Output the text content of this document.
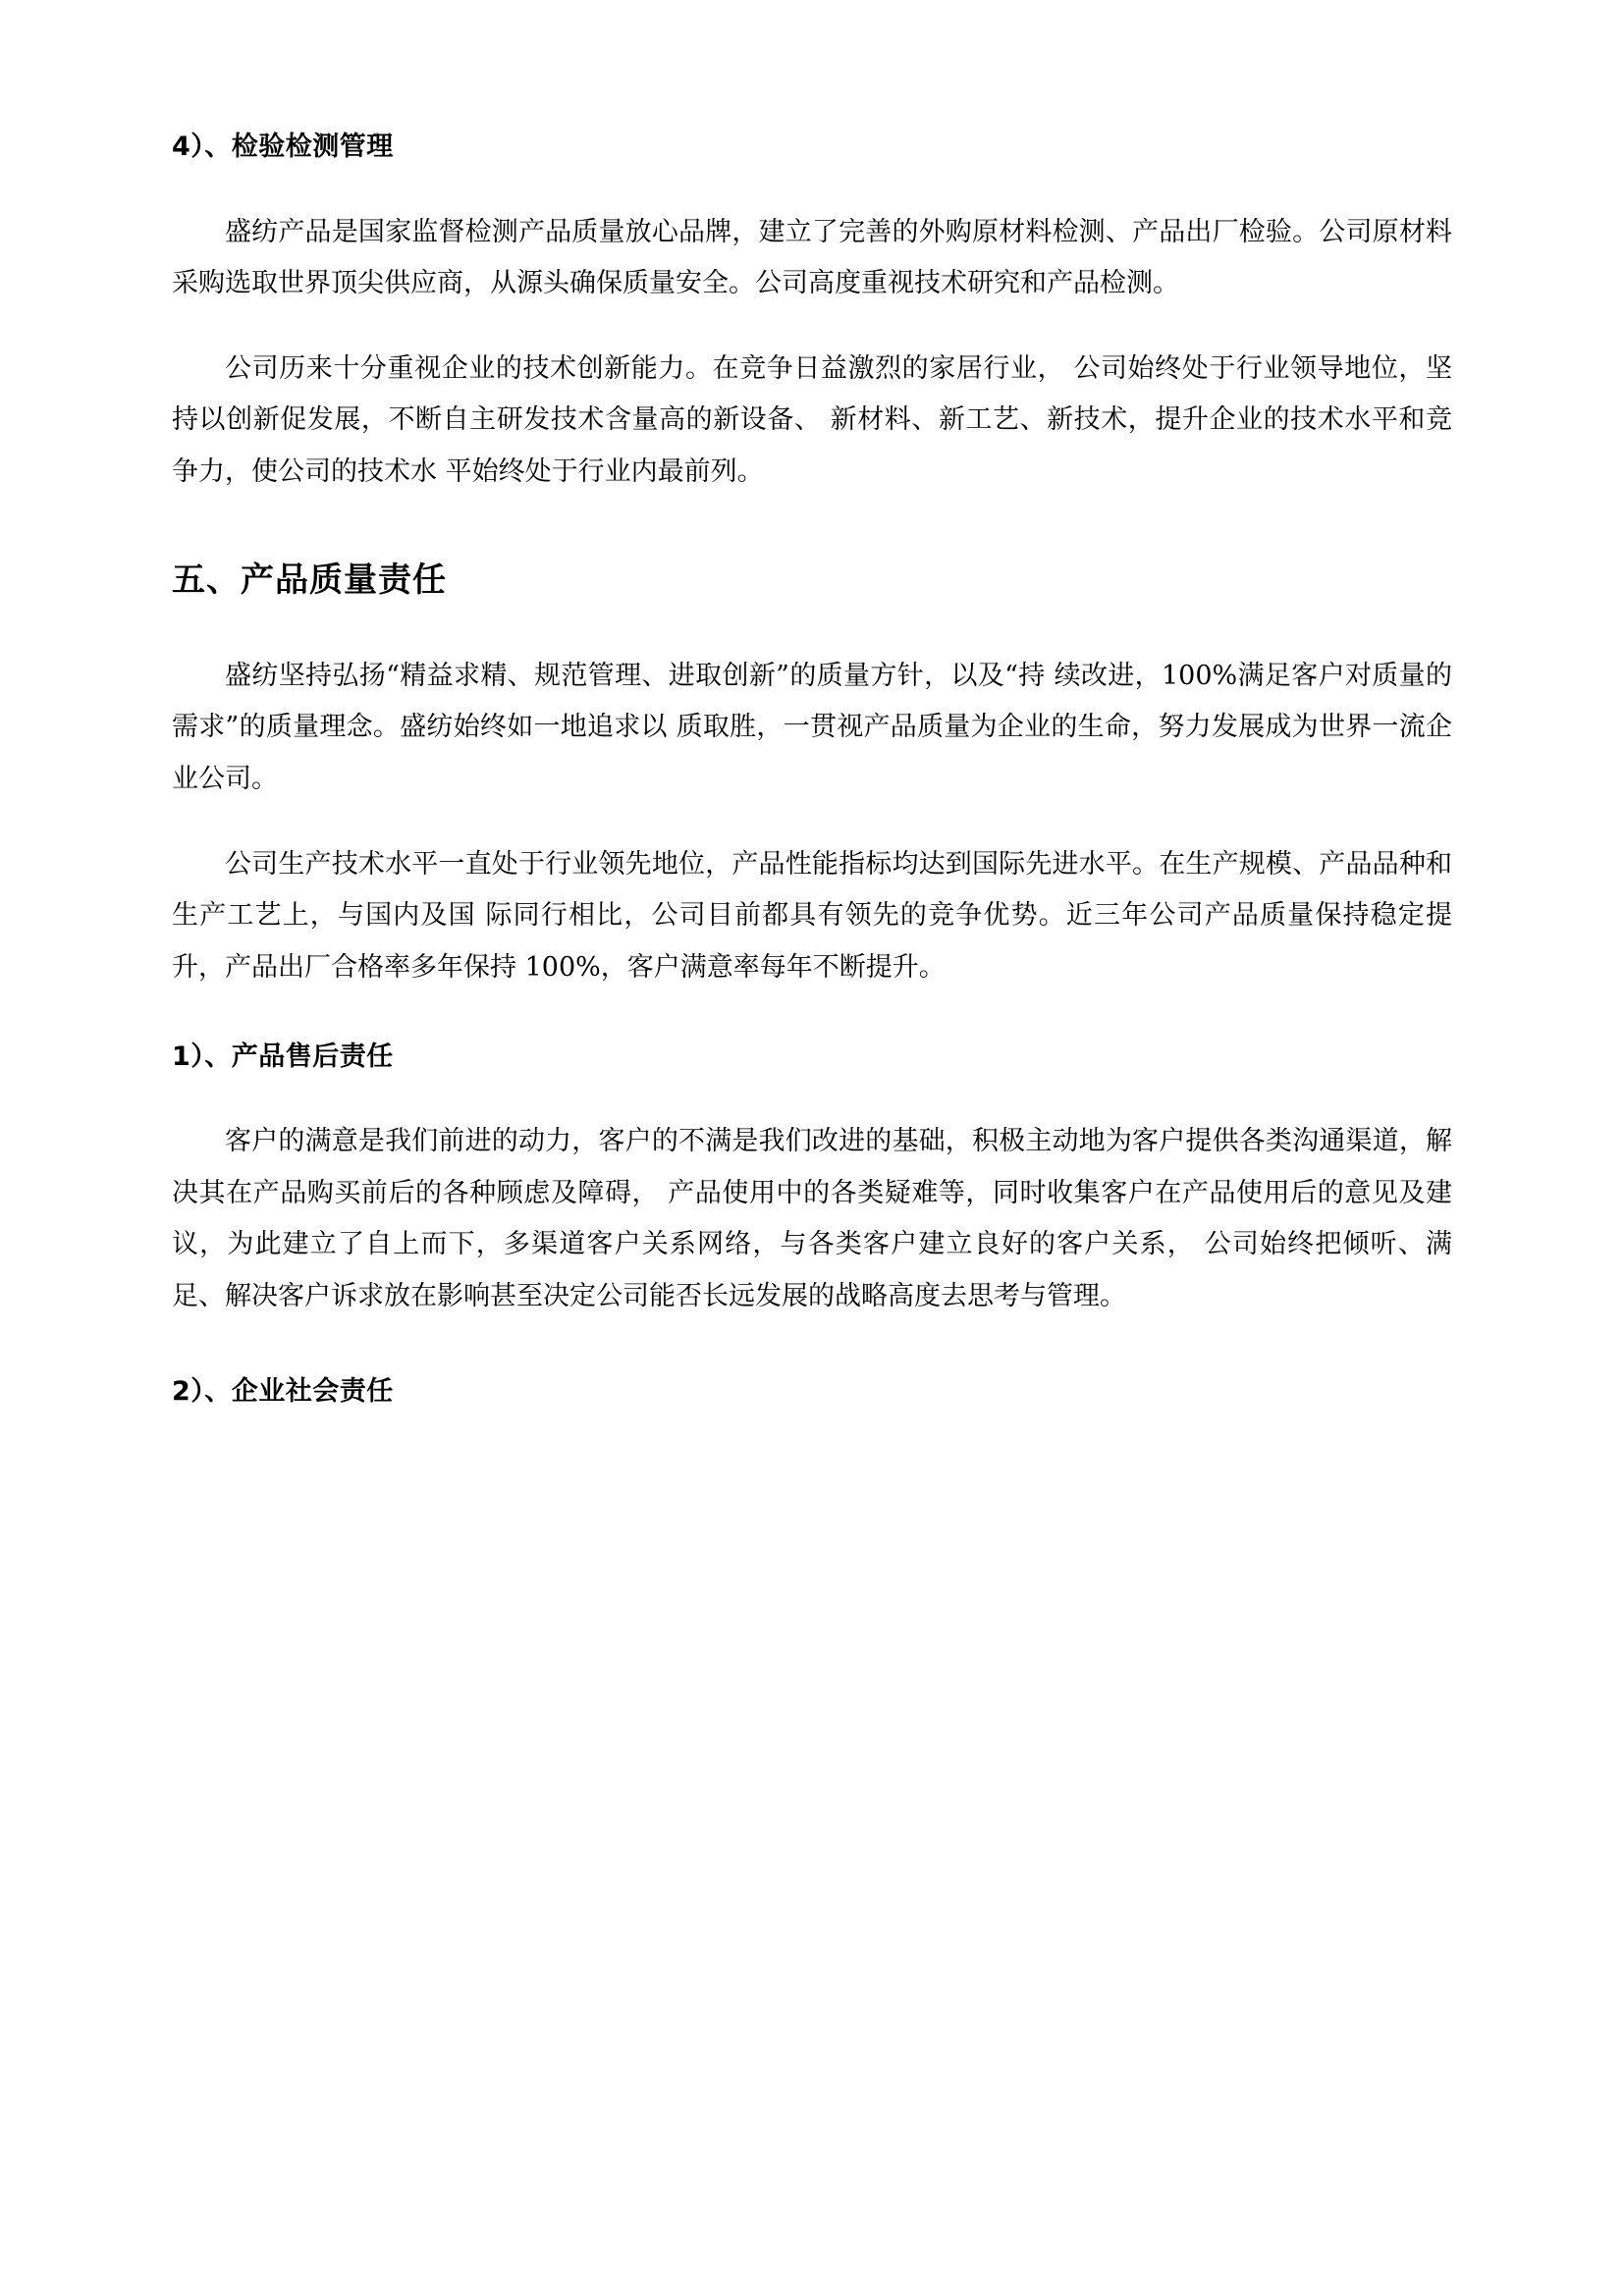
4）、检验检测管理

盛纺产品是国家监督检测产品质量放心品牌，建立了完善的外购原材料检测、产品出厂检验。公司原材料采购选取世界顶尖供应商，从源头确保质量安全。公司高度重视技术研究和产品检测。

公司历来十分重视企业的技术创新能力。在竞争日益激烈的家居行业， 公司始终处于行业领导地位，坚持以创新促发展，不断自主研发技术含量高的新设备、 新材料、新工艺、新技术，提升企业的技术水平和竞争力，使公司的技术水 平始终处于行业内最前列。

五、产品质量责任

盛纺坚持弘扬“精益求精、规范管理、进取创新”的质量方针，以及“持 续改进，100%满足客户对质量的需求”的质量理念。盛纺始终如一地追求以 质取胜，一贯视产品质量为企业的生命，努力发展成为世界一流企业公司。

公司生产技术水平一直处于行业领先地位，产品性能指标均达到国际先进水平。在生产规模、产品品种和生产工艺上，与国内及国 际同行相比，公司目前都具有领先的竞争优势。近三年公司产品质量保持稳定提升，产品出厂合格率多年保持 100%，客户满意率每年不断提升。

1）、产品售后责任

客户的满意是我们前进的动力，客户的不满是我们改进的基础，积极主动地为客户提供各类沟通渠道，解决其在产品购买前后的各种顾虑及障碍， 产品使用中的各类疑难等，同时收集客户在产品使用后的意见及建议，为此建立了自上而下，多渠道客户关系网络，与各类客户建立良好的客户关系， 公司始终把倾听、满足、解决客户诉求放在影响甚至决定公司能否长远发展的战略高度去思考与管理。

2）、企业社会责任
